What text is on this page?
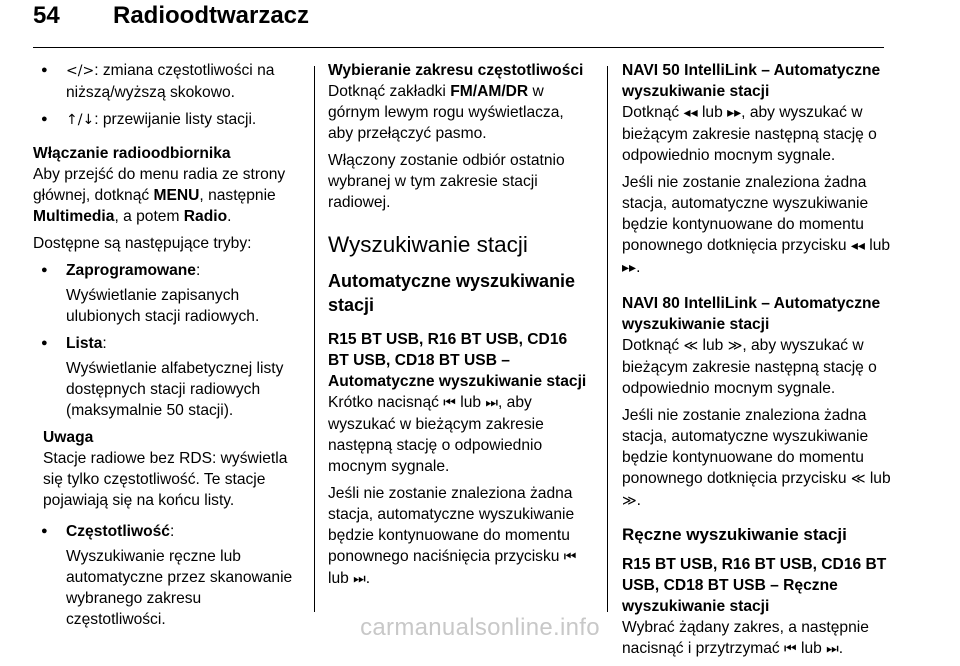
54	Radioodtwarzacz
● </>: zmiana częstotliwości na niższą/wyższą skokowo.
● ↑/↓: przewijanie listy stacji.

Włączanie radioodbiornika

Aby przejść do menu radia ze strony głównej, dotknąć MENU, następnie Multimedia, a potem Radio.

Dostępne są następujące tryby:

● Zaprogramowane:
Wyświetlanie zapisanych ulubionych stacji radiowych.
● Lista:
Wyświetlanie alfabetycznej listy dostępnych stacji radiowych (maksymalnie 50 stacji).
Uwaga
Stacje radiowe bez RDS: wyświetla się tylko częstotliwość. Te stacje pojawiają się na końcu listy.
● Częstotliwość:
Wyszukiwanie ręczne lub automatyczne przez skanowanie wybranego zakresu częstotliwości.

Wybieranie zakresu częstotliwości

Dotknąć zakładki FM/AM/DR w górnym lewym rogu wyświetlacza, aby przełączyć pasmo.

Włączony zostanie odbiór ostatnio wybranej w tym zakresie stacji radiowej.

Wyszukiwanie stacji
Automatyczne wyszukiwanie stacji

R15 BT USB, R16 BT USB, CD16 BT USB, CD18 BT USB – Automatyczne wyszukiwanie stacji

Krótko nacisnąć ⏮ lub ⏭, aby wyszukać w bieżącym zakresie następną stację o odpowiednio mocnym sygnale.

Jeśli nie zostanie znaleziona żadna stacja, automatyczne wyszukiwanie będzie kontynuowane do momentu ponownego naciśnięcia przycisku ⏮ lub ⏭.

NAVI 50 IntelliLink – Automatyczne wyszukiwanie stacji

Dotknąć ◂◂ lub ▸▸, aby wyszukać w bieżącym zakresie następną stację o odpowiednio mocnym sygnale.

Jeśli nie zostanie znaleziona żadna stacja, automatyczne wyszukiwanie będzie kontynuowane do momentu ponownego dotknięcia przycisku ◂◂ lub ▸▸.

NAVI 80 IntelliLink – Automatyczne wyszukiwanie stacji

Dotknąć ≪ lub ≫, aby wyszukać w bieżącym zakresie następną stację o odpowiednio mocnym sygnale.

Jeśli nie zostanie znaleziona żadna stacja, automatyczne wyszukiwanie będzie kontynuowane do momentu ponownego dotknięcia przycisku ≪ lub ≫.

Ręczne wyszukiwanie stacji

R15 BT USB, R16 BT USB, CD16 BT USB, CD18 BT USB – Ręczne wyszukiwanie stacji

Wybrać żądany zakres, a następnie nacisnąć i przytrzymać ⏮ lub ⏭.

carmanualsonline.info
